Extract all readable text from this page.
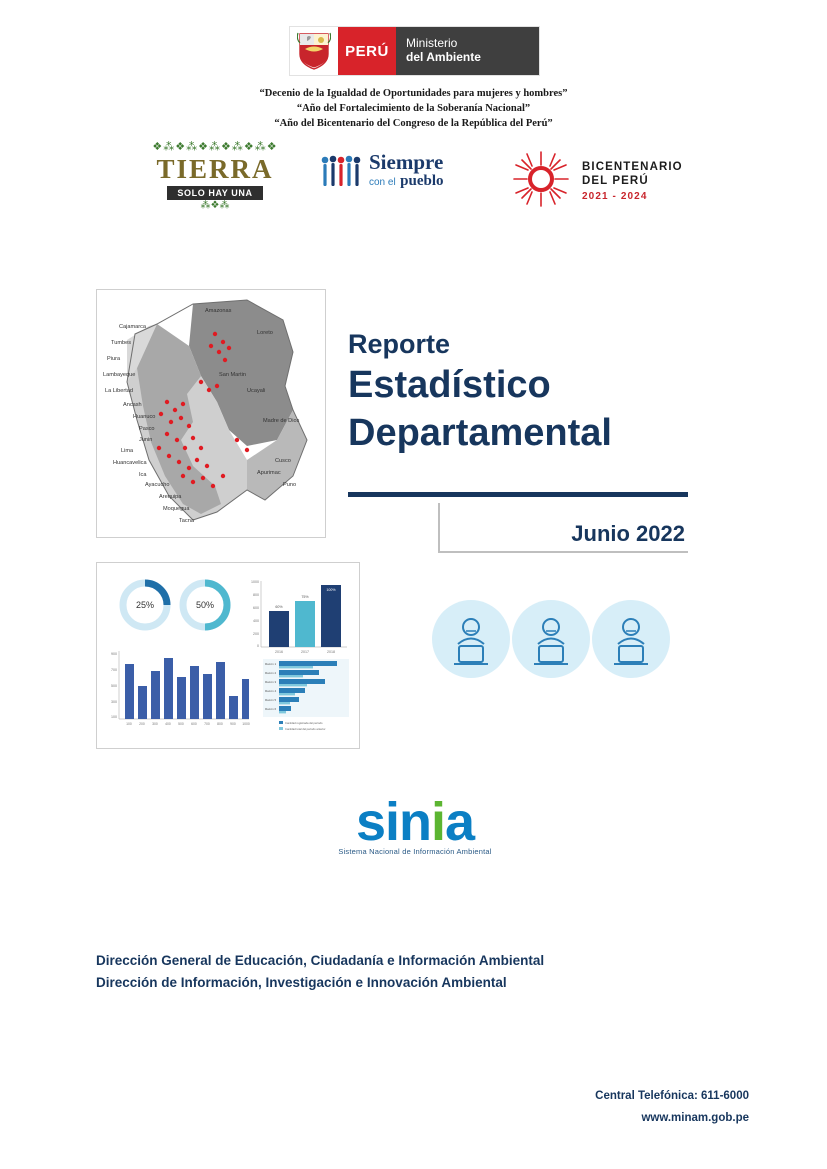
PERÚ	Ministerio
del Ambiente
“Decenio de la Igualdad de Oportunidades para mujeres y hombres”
“Año del Fortalecimiento de la Soberanía Nacional”
“Año del Bicentenario del Congreso de la República del Perú”
❖⁂❖⁂❖⁂❖⁂❖⁂❖
TIERRA
SOLO HAY UNA
⁂❖⁂
Siempre
con el pueblo
BICENTENARIO
DEL PERÚ
2021 - 2024
Amazonas
Cajamarca
Loreto
Tumbes
Piura
San Martin
Lambayeque
La Libertad	Ucayali
Ancash
Huanuco
Madre de Dios
Pasco
Junin
Lima
Huancavelica	Cusco
Ica	Apurimac
Ayacucho	Puno
Arequipa
Moquegua
Tacna
Reporte
Estadístico
Departamental
Junio 2022
25%	50%
1000
800
600
400
200
0
60%
75%
100%
2016	2017	2018
900
700
500
300
100
100 200 300 400 500 600 700 800 900 1000
Razón 1
Razón 2
Razón 3
Razón 4
Razón 5
Razón 6
Cantidad registrada del periodo
Cantidad total del periodo anterior
sinia
Sistema Nacional de Información Ambiental
Dirección General de Educación, Ciudadanía e Información Ambiental
Dirección de Información, Investigación e Innovación Ambiental
Central Telefónica: 611-6000
www.minam.gob.pe
